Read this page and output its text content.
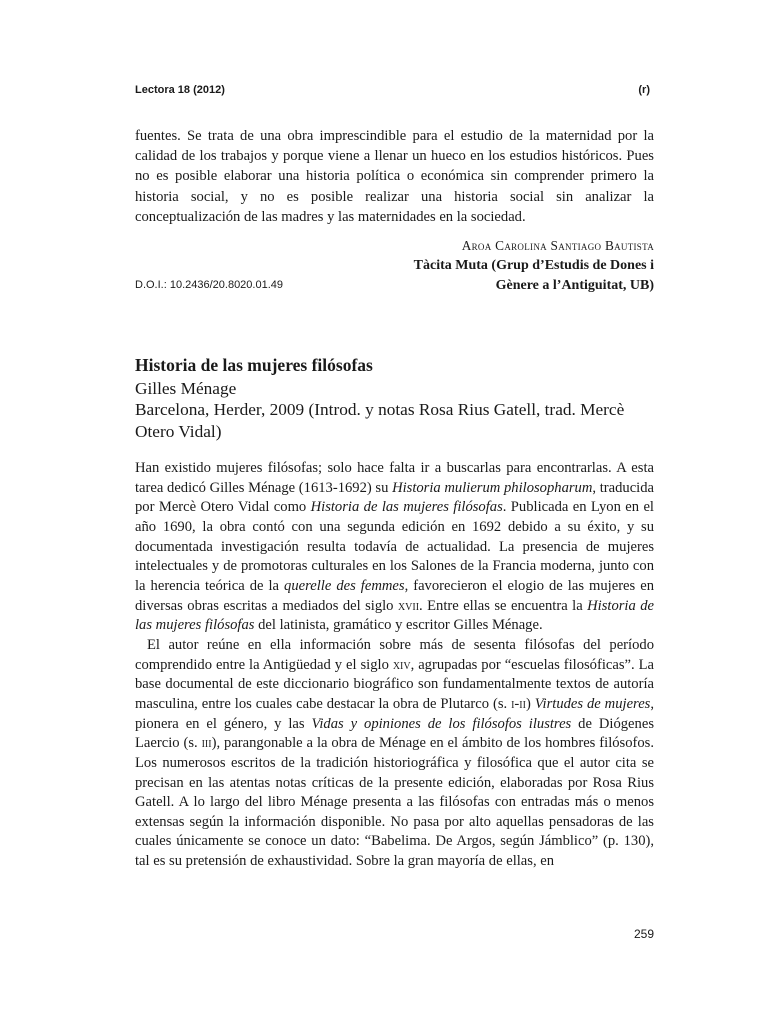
Lectora 18 (2012)	(r)
fuentes. Se trata de una obra imprescindible para el estudio de la maternidad por la calidad de los trabajos y porque viene a llenar un hueco en los estudios históricos. Pues no es posible elaborar una historia política o económica sin comprender primero la historia social, y no es posible realizar una historia social sin analizar la conceptualización de las madres y las maternidades en la sociedad.
Aroa Carolina Santiago Bautista
Tàcita Muta (Grup d’Estudis de Dones i
Gènere a l’Antiguitat, UB)
D.O.I.: 10.2436/20.8020.01.49
Historia de las mujeres filósofas
Gilles Ménage
Barcelona, Herder, 2009 (Introd. y notas Rosa Rius Gatell, trad. Mercè Otero Vidal)

Han existido mujeres filósofas; solo hace falta ir a buscarlas para encontrarlas. A esta tarea dedicó Gilles Ménage (1613-1692) su Historia mulierum philosopharum, traducida por Mercè Otero Vidal como Historia de las mujeres filósofas. Publicada en Lyon en el año 1690, la obra contó con una segunda edición en 1692 debido a su éxito, y su documentada investigación resulta todavía de actualidad. La presencia de mujeres intelectuales y de promotoras culturales en los Salones de la Francia moderna, junto con la herencia teórica de la querelle des femmes, favorecieron el elogio de las mujeres en diversas obras escritas a mediados del siglo xvii. Entre ellas se encuentra la Historia de las mujeres filósofas del latinista, gramático y escritor Gilles Ménage.

El autor reúne en ella información sobre más de sesenta filósofas del período comprendido entre la Antigüedad y el siglo xiv, agrupadas por “escuelas filosóficas”. La base documental de este diccionario biográfico son fundamentalmente textos de autoría masculina, entre los cuales cabe destacar la obra de Plutarco (s. i-ii) Virtudes de mujeres, pionera en el género, y las Vidas y opiniones de los filósofos ilustres de Diógenes Laercio (s. iii), parangonable a la obra de Ménage en el ámbito de los hombres filósofos. Los numerosos escritos de la tradición historiográfica y filosófica que el autor cita se precisan en las atentas notas críticas de la presente edición, elaboradas por Rosa Rius Gatell. A lo largo del libro Ménage presenta a las filósofas con entradas más o menos extensas según la información disponible. No pasa por alto aquellas pensadoras de las cuales únicamente se conoce un dato: “Babelima. De Argos, según Jámblico” (p. 130), tal es su pretensión de exhaustividad. Sobre la gran mayoría de ellas, en

259
